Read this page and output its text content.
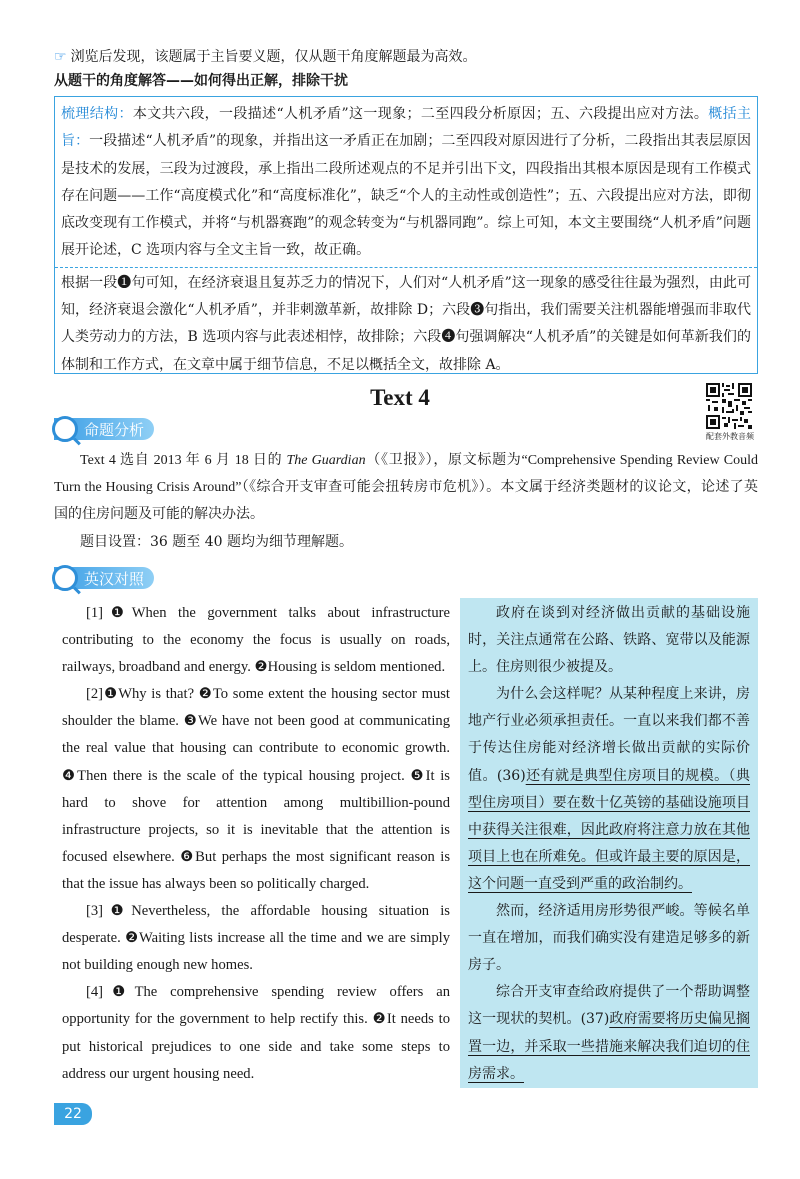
☞ 浏览后发现，该题属于主旨要义题，仅从题干角度解题最为高效。
从题干的角度解答——如何得出正解，排除干扰
梳理结构：本文共六段，一段描述“人机矛盾”这一现象；二至四段分析原因；五、六段提出应对方法。概括主旨：一段描述“人机矛盾”的现象，并指出这一矛盾正在加剧；二至四段对原因进行了分析，二段指出其表层原因是技术的发展，三段为过渡段，承上指出二段所述观点的不足并引出下文，四段指出其根本原因是现有工作模式存在问题——工作“高度模式化”和“高度标准化”，缺乏“个人的主动性或创造性”；五、六段提出应对方法，即彻底改变现有工作模式，并将“与机器赛跑”的观念转变为“与机器同跑”。综上可知，本文主要围绕“人机矛盾”问题展开论述，C 选项内容与全文主旨一致，故正确。
根据一段❶句可知，在经济衰退且复苏乏力的情况下，人们对“人机矛盾”这一现象的感受往往最为强烈，由此可知，经济衰退会激化“人机矛盾”，并非刺激革新，故排除 D；六段❸句指出，我们需要关注机器能增强而非取代人类劳动力的方法，B 选项内容与此表述相悖，故排除；六段❹句强调解决“人机矛盾”的关键是如何革新我们的体制和工作方式，在文章中属于细节信息，不足以概括全文，故排除 A。
Text 4
配套外教音频
命题分析
Text 4 选自 2013 年 6 月 18 日的 The Guardian（《卫报》），原文标题为“Comprehensive Spending Review Could Turn the Housing Crisis Around”（《综合开支审查可能会扭转房市危机》）。本文属于经济类题材的议论文，论述了英国的住房问题及可能的解决办法。
题目设置：36 题至 40 题均为细节理解题。
英汉对照

[1]❶When the government talks about infrastructure contributing to the economy the focus is usually on roads, railways, broadband and energy. ❷Housing is seldom mentioned.

[2]❶Why is that? ❷To some extent the housing sector must shoulder the blame. ❸We have not been good at communicating the real value that housing can contribute to economic growth. ❹Then there is the scale of the typical housing project. ❺It is hard to shove for attention among multibillion-pound infrastructure projects, so it is inevitable that the attention is focused elsewhere. ❻But perhaps the most significant reason is that the issue has always been so politically charged.

[3]❶Nevertheless, the affordable housing situation is desperate. ❷Waiting lists increase all the time and we are simply not building enough new homes.

[4]❶The comprehensive spending review offers an opportunity for the government to help rectify this. ❷It needs to put historical prejudices to one side and take some steps to address our urgent housing need.

政府在谈到对经济做出贡献的基础设施时，关注点通常在公路、铁路、宽带以及能源上。住房则很少被提及。

为什么会这样呢？从某种程度上来讲，房地产行业必须承担责任。一直以来我们都不善于传达住房能对经济增长做出贡献的实际价值。(36)还有就是典型住房项目的规模。（典型住房项目）要在数十亿英镑的基础设施项目中获得关注很难，因此政府将注意力放在其他项目上也在所难免。但或许最主要的原因是，这个问题一直受到严重的政治制约。

然而，经济适用房形势很严峻。等候名单一直在增加，而我们确实没有建造足够多的新房子。

综合开支审查给政府提供了一个帮助调整这一现状的契机。(37)政府需要将历史偏见搁置一边，并采取一些措施来解决我们迫切的住房需求。

22
